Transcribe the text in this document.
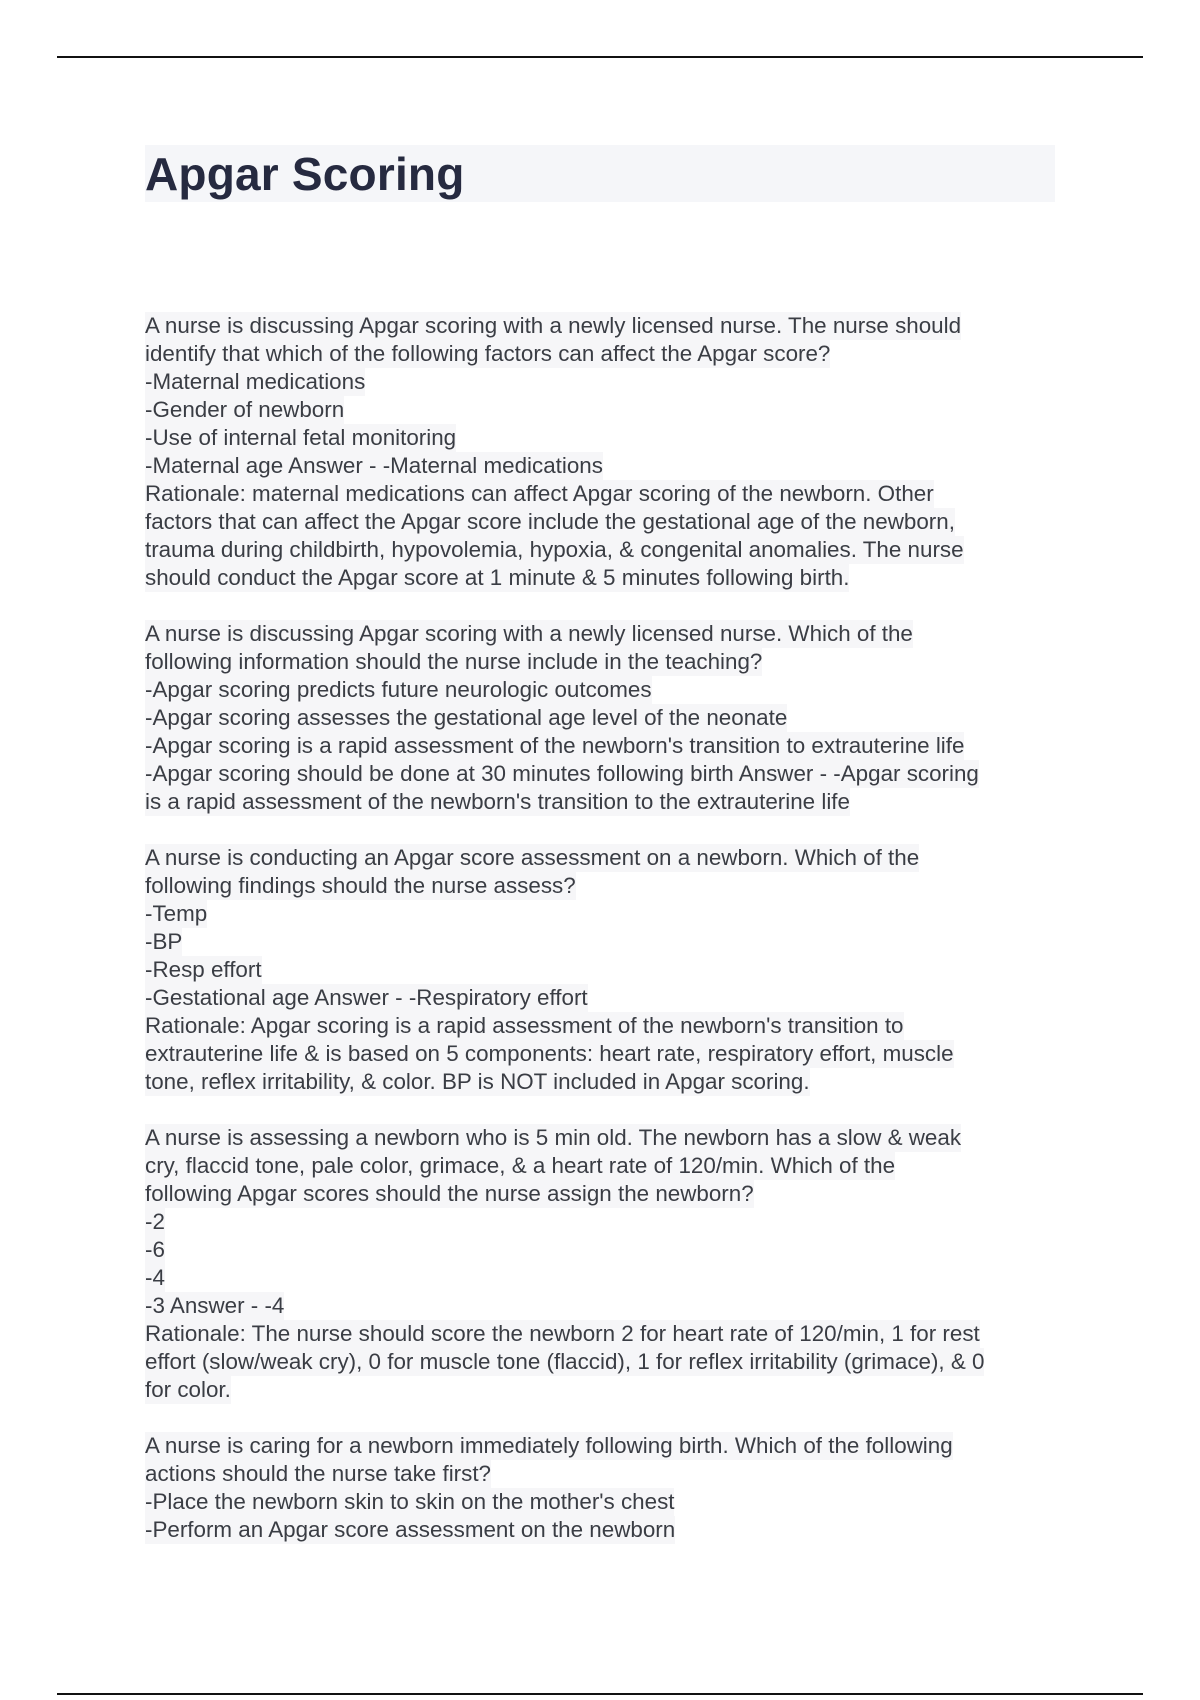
Apgar Scoring
A nurse is discussing Apgar scoring with a newly licensed nurse. The nurse should
identify that which of the following factors can affect the Apgar score?
-Maternal medications
-Gender of newborn
-Use of internal fetal monitoring
-Maternal age Answer - -Maternal medications
Rationale: maternal medications can affect Apgar scoring of the newborn. Other
factors that can affect the Apgar score include the gestational age of the newborn,
trauma during childbirth, hypovolemia, hypoxia, & congenital anomalies. The nurse
should conduct the Apgar score at 1 minute & 5 minutes following birth.
A nurse is discussing Apgar scoring with a newly licensed nurse. Which of the
following information should the nurse include in the teaching?
-Apgar scoring predicts future neurologic outcomes
-Apgar scoring assesses the gestational age level of the neonate
-Apgar scoring is a rapid assessment of the newborn's transition to extrauterine life
-Apgar scoring should be done at 30 minutes following birth Answer - -Apgar scoring
is a rapid assessment of the newborn's transition to the extrauterine life
A nurse is conducting an Apgar score assessment on a newborn. Which of the
following findings should the nurse assess?
-Temp
-BP
-Resp effort
-Gestational age Answer - -Respiratory effort
Rationale: Apgar scoring is a rapid assessment of the newborn's transition to
extrauterine life & is based on 5 components: heart rate, respiratory effort, muscle
tone, reflex irritability, & color. BP is NOT included in Apgar scoring.
A nurse is assessing a newborn who is 5 min old. The newborn has a slow & weak
cry, flaccid tone, pale color, grimace, & a heart rate of 120/min. Which of the
following Apgar scores should the nurse assign the newborn?
-2
-6
-4
-3 Answer - -4
Rationale: The nurse should score the newborn 2 for heart rate of 120/min, 1 for rest
effort (slow/weak cry), 0 for muscle tone (flaccid), 1 for reflex irritability (grimace), & 0
for color.
A nurse is caring for a newborn immediately following birth. Which of the following
actions should the nurse take first?
-Place the newborn skin to skin on the mother's chest
-Perform an Apgar score assessment on the newborn
